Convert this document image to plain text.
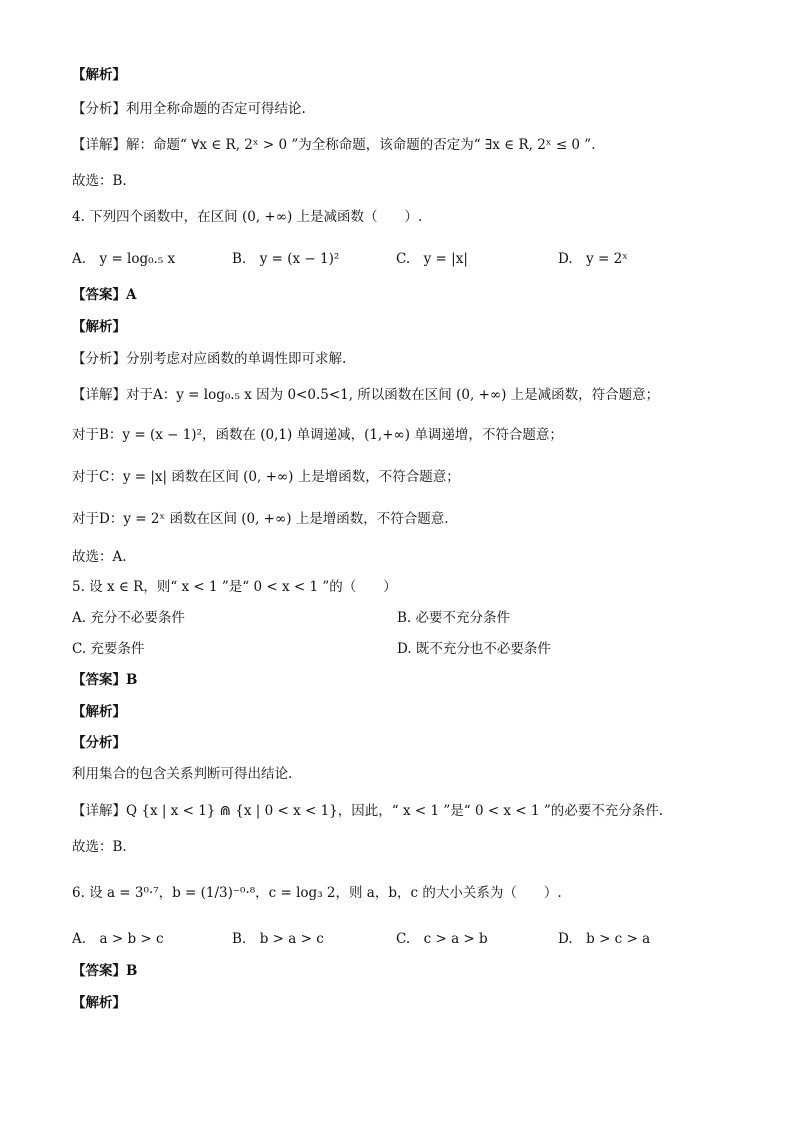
【解析】
【分析】利用全称命题的否定可得结论.
【详解】解：命题“ ∀x ∈ R, 2ˣ > 0 ”为全称命题，该命题的否定为“ ∃x ∈ R, 2ˣ ≤ 0 ”.
故选：B.
4. 下列四个函数中，在区间 (0, +∞) 上是减函数（　　）.
A.　y = log₀.₅ x	B.　y = (x − 1)²	C.　y = |x|	D.　y = 2ˣ
【答案】A
【解析】
【分析】分别考虑对应函数的单调性即可求解.
【详解】对于A：y = log₀.₅ x 因为 0<0.5<1, 所以函数在区间 (0, +∞) 上是减函数，符合题意；
对于B：y = (x − 1)²，函数在 (0,1) 单调递减，(1,+∞) 单调递增，不符合题意；
对于C：y = |x| 函数在区间 (0, +∞) 上是增函数，不符合题意；
对于D：y = 2ˣ 函数在区间 (0, +∞) 上是增函数，不符合题意.
故选：A.
5. 设 x ∈ R，则“ x < 1 ”是“ 0 < x < 1 ”的（　　）
A. 充分不必要条件	B. 必要不充分条件
C. 充要条件	D. 既不充分也不必要条件
【答案】B
【解析】
【分析】
利用集合的包含关系判断可得出结论.
【详解】Q {x | x < 1} ⋒ {x | 0 < x < 1}，因此，“ x < 1 ”是“ 0 < x < 1 ”的必要不充分条件.
故选：B.
6. 设 a = 3⁰·⁷，b = (1/3)⁻⁰·⁸，c = log₃ 2，则 a，b，c 的大小关系为（　　）.
A.　a > b > c	B.　b > a > c	C.　c > a > b	D.　b > c > a
【答案】B
【解析】
